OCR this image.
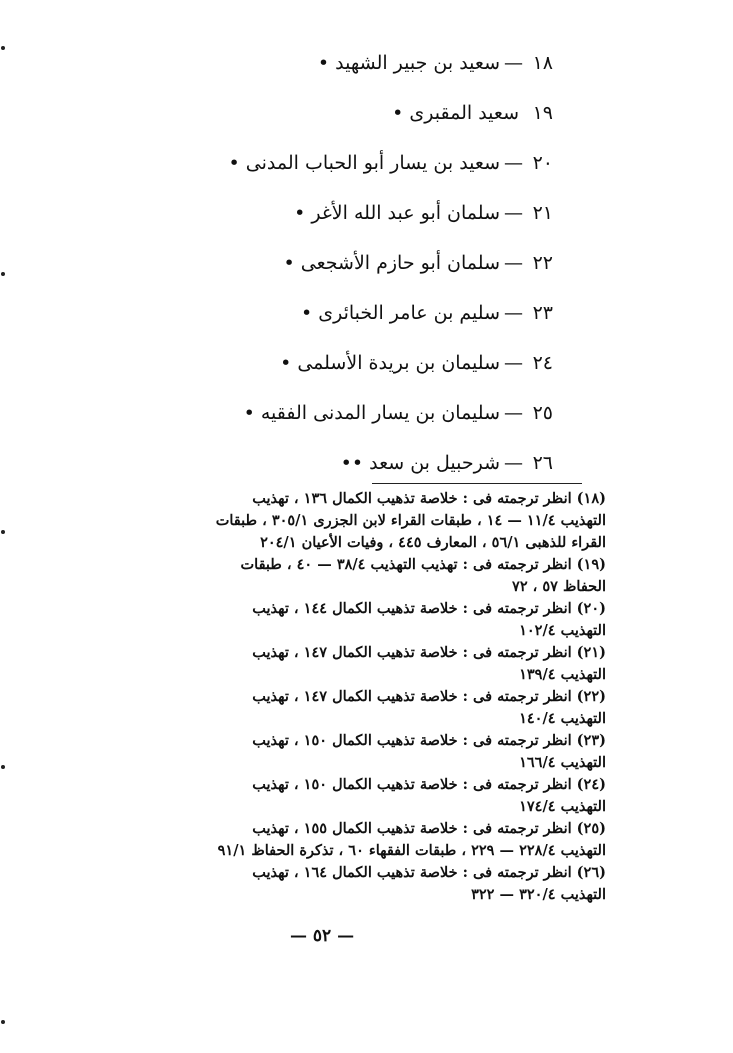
١٨—سعيد بن جبير الشهيد •
١٩سعيد المقبرى •
٢٠—سعيد بن يسار أبو الحباب المدنى •
٢١—سلمان أبو عبد الله الأغر •
٢٢—سلمان أبو حازم الأشجعى •
٢٣—سليم بن عامر الخبائرى •
٢٤—سليمان بن بريدة الأسلمى •
٢٥—سليمان بن يسار المدنى الفقيه •
٢٦—شرحبيل بن سعد ••
(١٨) انظر ترجمته فى : خلاصة تذهيب الكمال ١٣٦ ، تهذيب
التهذيب ١١/٤ — ١٤ ، طبقات القراء لابن الجزرى ٣٠٥/١ ، طبقات
القراء للذهبى ٥٦/١ ، المعارف ٤٤٥ ، وفيات الأعيان ٢٠٤/١
(١٩) انظر ترجمته فى : تهذيب التهذيب ٣٨/٤ — ٤٠ ، طبقات
الحفاظ ٥٧ ، ٧٢
(٢٠) انظر ترجمته فى : خلاصة تذهيب الكمال ١٤٤ ، تهذيب
التهذيب ١٠٢/٤
(٢١) انظر ترجمته فى : خلاصة تذهيب الكمال ١٤٧ ، تهذيب
التهذيب ١٣٩/٤
(٢٢) انظر ترجمته فى : خلاصة تذهيب الكمال ١٤٧ ، تهذيب
التهذيب ١٤٠/٤
(٢٣) انظر ترجمته فى : خلاصة تذهيب الكمال ١٥٠ ، تهذيب
التهذيب ١٦٦/٤
(٢٤) انظر ترجمته فى : خلاصة تذهيب الكمال ١٥٠ ، تهذيب
التهذيب ١٧٤/٤
(٢٥) انظر ترجمته فى : خلاصة تذهيب الكمال ١٥٥ ، تهذيب
التهذيب ٢٢٨/٤ — ٢٢٩ ، طبقات الفقهاء ٦٠ ، تذكرة الحفاظ ٩١/١
(٢٦) انظر ترجمته فى : خلاصة تذهيب الكمال ١٦٤ ، تهذيب
التهذيب ٣٢٠/٤ — ٣٢٢
— ٥٢ —
